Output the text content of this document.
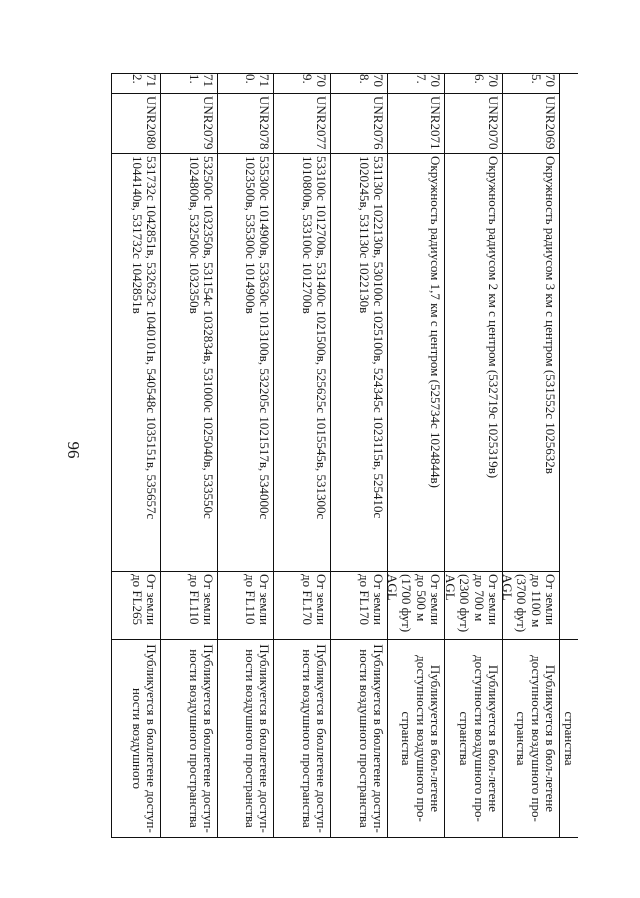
96
странства
705.
UNR2069
Окружность радиусом 3 км с центром (531552с 1025632в
От земли до 1100 м (3700 фут) AGL
Публикуется в бюл-летене доступности воздушного про-странства
706.
UNR2070
Окружность радиусом 2 км с центром (532719с 1025319в)
От земли до 700 м (2300 фут) AGL
Публикуется в бюл-летене доступности воздушного про-странства
707.
UNR2071
Окружность радиусом 1,7 км с центром (525734с 1024844в)
От земли до 500 м (1700 фут) AGL
Публикуется в бюл-летене доступности воздушного про-странства
708.
UNR2076
531130с 1022130в, 530100с 1025100в, 524345с 1023115в, 525410с 1020245в, 531130с 1022130в
От земли до FL170
Публикуется в бюллетене доступ-ности воздушного пространства
709.
UNR2077
533100с 1012700в, 531400с 1021500в, 525625с 1015545в, 531300с 1010800в, 533100с 1012700в
От земли до FL170
Публикуется в бюллетене доступ-ности воздушного пространства
710.
UNR2078
535300с 1014900в, 533630с 1013100в, 532205с 1021517в, 534000с 1023500в, 535300с 1014900в
От земли до FL110
Публикуется в бюллетене доступ-ности воздушного пространства
711.
UNR2079
532500с 1032350в, 531154с 1032834в, 531000с 1025040в, 533550с 1024800в, 532500с 1032350в
От земли до FL110
Публикуется в бюллетене доступ-ности воздушного пространства
712.
UNR2080
531732с 1042851в, 532623с 1040101в, 540548с 1035151в, 535657с 1044140в, 531732с 1042851в
От земли до FL265
Публикуется в бюллетене доступ-ности воздушного
